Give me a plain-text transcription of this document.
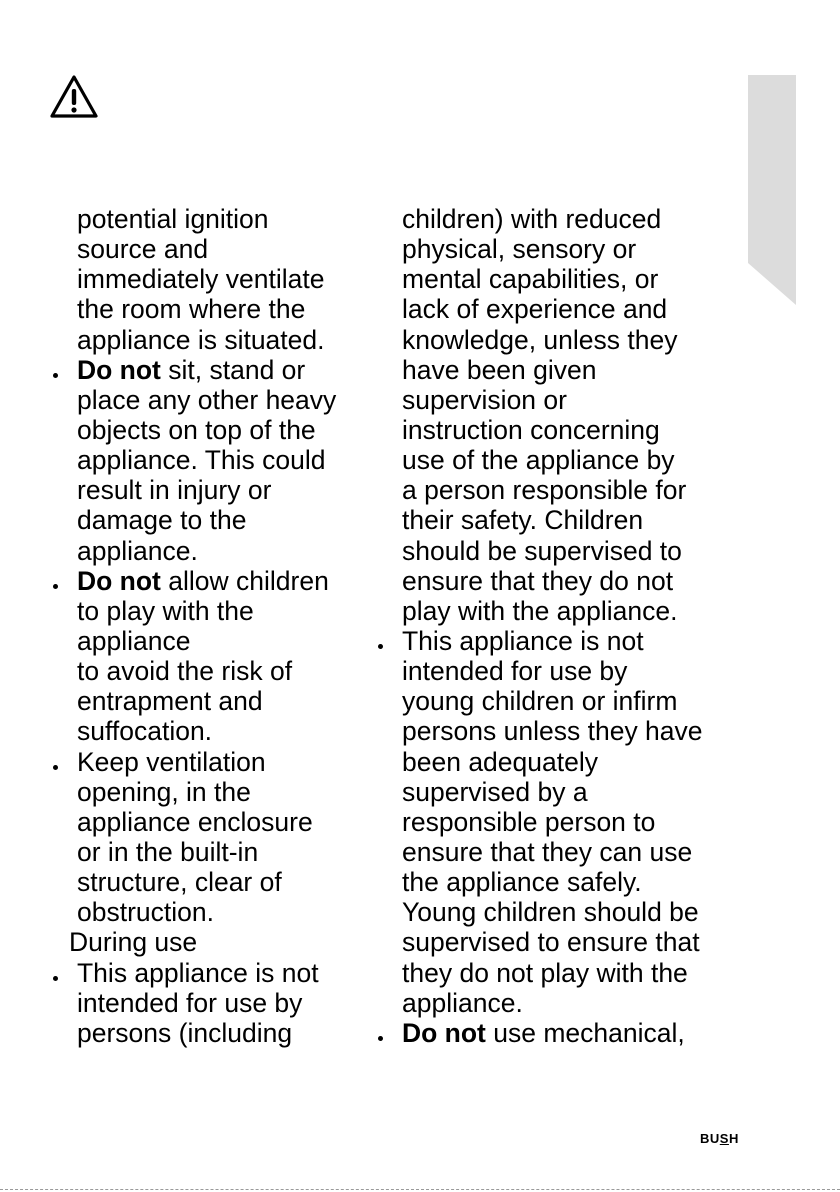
potential ignition
source and
immediately ventilate
the room where the
appliance is situated.
Do not sit, stand or
place any other heavy
objects on top of the
appliance. This could
result in injury or
damage to the
appliance.
Do not allow children
to play with the
appliance
to avoid the risk of
entrapment and
suffocation.
Keep ventilation
opening, in the
appliance enclosure
or in the built-in
structure, clear of
obstruction.
During use
This appliance is not
intended for use by
persons (including
children) with reduced
physical, sensory or
mental capabilities, or
lack of experience and
knowledge, unless they
have been given
supervision or
instruction concerning
use of the appliance by
a person responsible for
their safety. Children
should be supervised to
ensure that they do not
play with the appliance.
This appliance is not
intended for use by
young children or infirm
persons unless they have
been adequately
supervised by a
responsible person to
ensure that they can use
the appliance safely.
Young children should be
supervised to ensure that
they do not play with the
appliance.
Do not use mechanical,
BUSH
